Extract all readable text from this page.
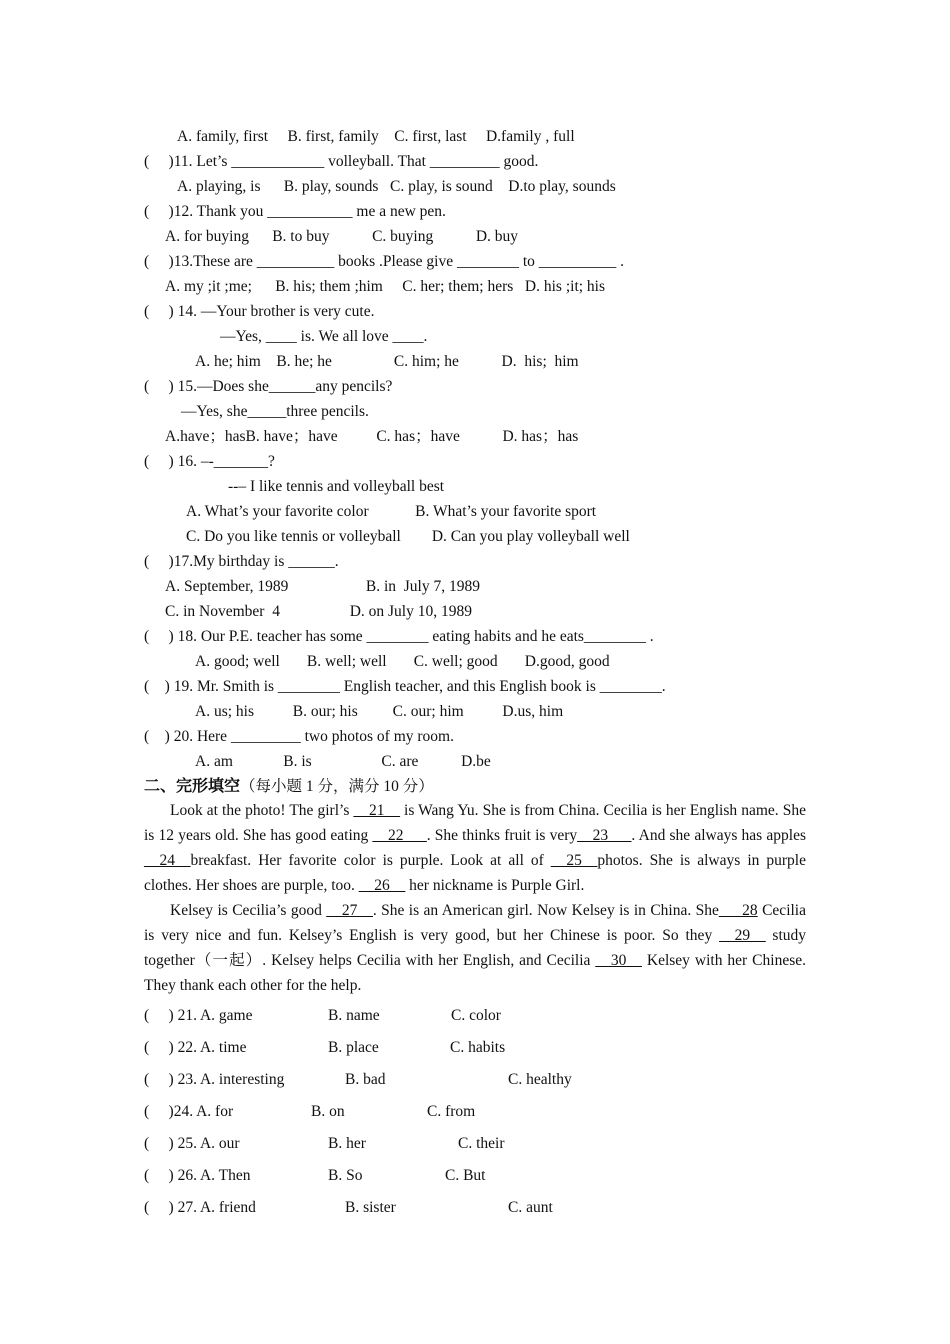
A. family, first     B. first, family    C. first, last     D.family , full
(     )11. Let’s ____________ volleyball. That _________ good.
A. playing, is      B. play, sounds   C. play, is sound    D.to play, sounds
(     )12. Thank you ___________ me a new pen.
A. for buying      B. to buy           C. buying           D. buy
(     )13.These are __________ books .Please give ________ to __________ .
A. my ;it ;me;      B. his; them ;him     C. her; them; hers   D. his ;it; his
(     ) 14. —Your brother is very cute.
—Yes, ____ is. We all love ____.
A. he; him    B. he; he                C. him; he           D.  his;  him
(     ) 15.—Does she______any pencils?
—Yes, she_____three pencils.
A.have；hasB. have；have          C. has；have           D. has；has
(     ) 16. –-_______?
--– I like tennis and volleyball best
A. What’s your favorite color            B. What’s your favorite sport
C. Do you like tennis or volleyball        D. Can you play volleyball well
(     )17.My birthday is ______.
A. September, 1989                    B. in  July 7, 1989
C. in November  4                  D. on July 10, 1989
(     ) 18. Our P.E. teacher has some ________ eating habits and he eats________ .
A. good; well       B. well; well       C. well; good       D.good, good
(    ) 19. Mr. Smith is ________ English teacher, and this English book is ________.
A. us; his          B. our; his         C. our; him          D.us, him
(    ) 20. Here _________ two photos of my room.
A. am             B. is                  C. are           D.be
二、完形填空（每小题 1 分，满分 10 分）

Look at the photo! The girl’s __21__ is Wang Yu. She is from China. Cecilia is her English name. She is 12 years old. She has good eating __22___. She thinks fruit is very__23___. And she always has apples __24__breakfast. Her favorite color is purple. Look at all of __25__photos. She is always in purple clothes. Her shoes are purple, too. __26__ her nickname is Purple Girl.

Kelsey is Cecilia’s good __27__. She is an American girl. Now Kelsey is in China. She___28 Cecilia is very nice and fun. Kelsey’s English is very good, but her Chinese is poor. So they __29__ study together（一起）. Kelsey helps Cecilia with her English, and Cecilia __30__ Kelsey with her Chinese. They thank each other for the help.

(     ) 21. A. game	B. name	C. color
(     ) 22. A. time	B. place	C. habits
(     ) 23. A. interesting	B. bad	C. healthy
(     )24. A. for	B. on	C. from
(     ) 25. A. our	B. her	C. their
(     ) 26. A. Then	B. So	C. But
(     ) 27. A. friend	B. sister	C. aunt
